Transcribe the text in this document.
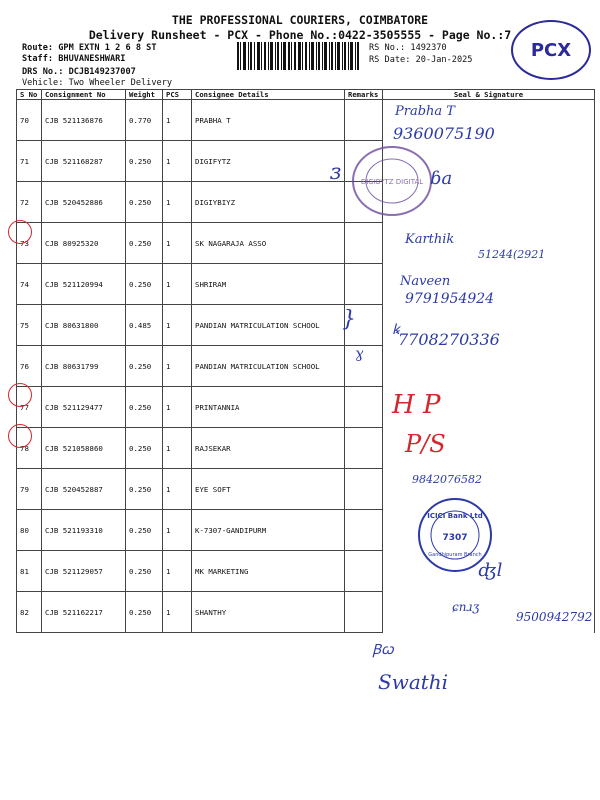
THE PROFESSIONAL COURIERS, COIMBATORE
Delivery Runsheet - PCX - Phone No.:0422-3505555 - Page No.:7
Route: GPM EXTN 1 2 6 8 ST
Staff: BHUVANESHWARI
DRS No.: DCJB149237007
Vehicle: Two Wheeler Delivery
RS No.: 1492370
RS Date: 20-Jan-2025	PCX
S No	Consignment No	Weight	PCS	Consignee Details	Remarks	Seal & Signature
70	CJB 521136876	0.770	1	PRABHA T		
71	CJB 521168287	0.250	1	DIGIFYTZ		
72	CJB 520452886	0.250	1	DIGIYBIYZ		
73	CJB 80925320	0.250	1	SK NAGARAJA ASSO		
74	CJB 521120994	0.250	1	SHRIRAM		
75	CJB 80631800	0.485	1	PANDIAN MATRICULATION SCHOOL		
76	CJB 80631799	0.250	1	PANDIAN MATRICULATION SCHOOL		
77	CJB 521129477	0.250	1	PRINTANNIA		
78	CJB 521058860	0.250	1	RAJSEKAR		
79	CJB 520452887	0.250	1	EYE SOFT		
80	CJB 521193310	0.250	1	K-7307-GANDIPURM		
81	CJB 521129057	0.250	1	MK MARKETING		
82	CJB 521162217	0.250	1	SHANTHY		
Prabha T
9360075190
DIGIBYTZ DIGITAL
ɜ	ɓa
Karthik
51244(2921
Naveen
9791954924
ꝃ
7708270336
}
ɣ
H P
P/S
9842076582
ICICI Bank Ltd
7307
Gandhipuram Branch
ʤl
ɕnɹʒ
9500942792
Ꞵꞷ
Swathi
